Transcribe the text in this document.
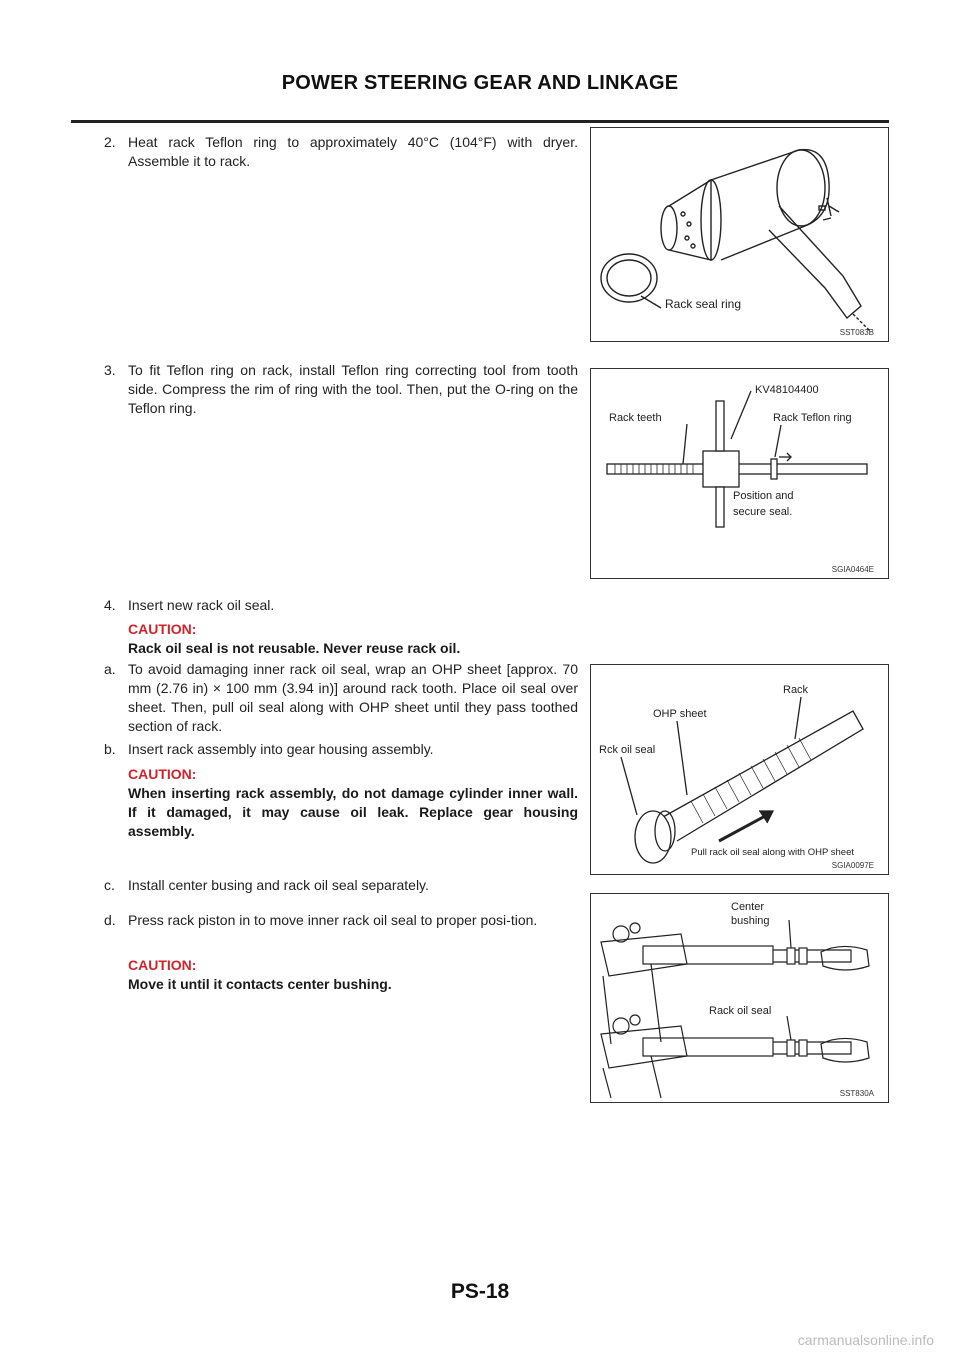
POWER STEERING GEAR AND LINKAGE
2. Heat rack Teflon ring to approximately 40°C (104°F) with dryer. Assemble it to rack.
Rack seal ring
SST083B
3. To fit Teflon ring on rack, install Teflon ring correcting tool from tooth side. Compress the rim of ring with the tool. Then, put the O-ring on the Teflon ring.
KV48104400
Rack teeth	Rack Teflon ring
Position and
secure seal.
SGIA0464E
4. Insert new rack oil seal.
CAUTION:
Rack oil seal is not reusable. Never reuse rack oil.
a. To avoid damaging inner rack oil seal, wrap an OHP sheet [approx. 70 mm (2.76 in) × 100 mm (3.94 in)] around rack tooth. Place oil seal over sheet. Then, pull oil seal along with OHP sheet until they pass toothed section of rack.
Rack
OHP sheet
Rck oil seal
Pull rack oil seal along with OHP sheet
SGIA0097E
b. Insert rack assembly into gear housing assembly.
CAUTION:
When inserting rack assembly, do not damage cylinder inner wall. If it damaged, it may cause oil leak. Replace gear housing assembly.
c. Install center busing and rack oil seal separately.
d. Press rack piston in to move inner rack oil seal to proper posi-tion.
CAUTION:
Move it until it contacts center bushing.
Center
bushing
Rack oil seal
SST830A
PS-18
carmanualsonline.info
